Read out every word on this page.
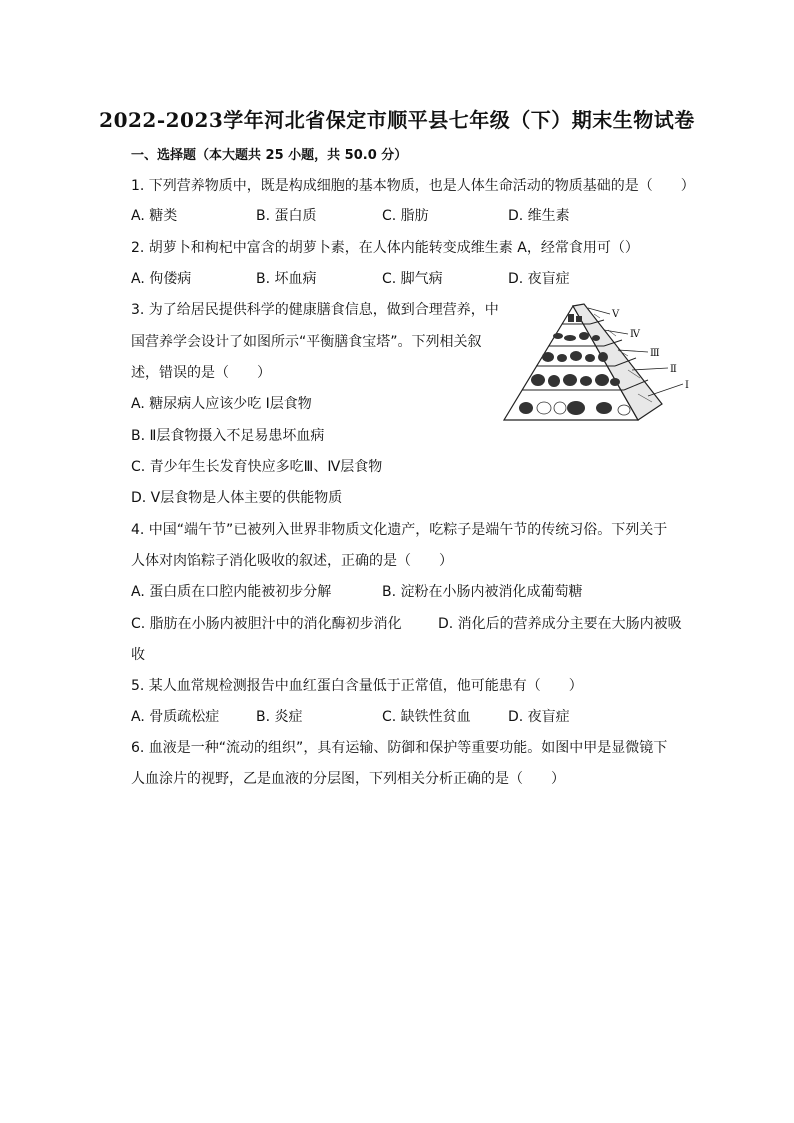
2022-2023学年河北省保定市顺平县七年级（下）期末生物试卷
一、选择题（本大题共 25 小题，共 50.0 分）
1. 下列营养物质中，既是构成细胞的基本物质，也是人体生命活动的物质基础的是（　　）
A. 糖类	B. 蛋白质	C. 脂肪	D. 维生素
2. 胡萝卜和枸杞中富含的胡萝卜素，在人体内能转变成维生素 A，经常食用可（）
A. 佝偻病	B. 坏血病	C. 脚气病	D. 夜盲症
3. 为了给居民提供科学的健康膳食信息，做到合理营养，中
国营养学会设计了如图所示“平衡膳食宝塔”。下列相关叙
述，错误的是（　　）
A. 糖尿病人应该少吃 Ⅰ层食物
B. Ⅱ层食物摄入不足易患坏血病
C. 青少年生长发育快应多吃Ⅲ、Ⅳ层食物
D. Ⅴ层食物是人体主要的供能物质
Ⅴ
Ⅳ
Ⅲ
Ⅱ
Ⅰ
4. 中国“端午节”已被列入世界非物质文化遗产，吃粽子是端午节的传统习俗。下列关于
人体对肉馅粽子消化吸收的叙述，正确的是（　　）
A. 蛋白质在口腔内能被初步分解	B. 淀粉在小肠内被消化成葡萄糖
C. 脂肪在小肠内被胆汁中的消化酶初步消化	D. 消化后的营养成分主要在大肠内被吸
收
5. 某人血常规检测报告中血红蛋白含量低于正常值，他可能患有（　　）
A. 骨质疏松症	B. 炎症	C. 缺铁性贫血	D. 夜盲症
6. 血液是一种“流动的组织”，具有运输、防御和保护等重要功能。如图中甲是显微镜下
人血涂片的视野，乙是血液的分层图，下列相关分析正确的是（　　）
